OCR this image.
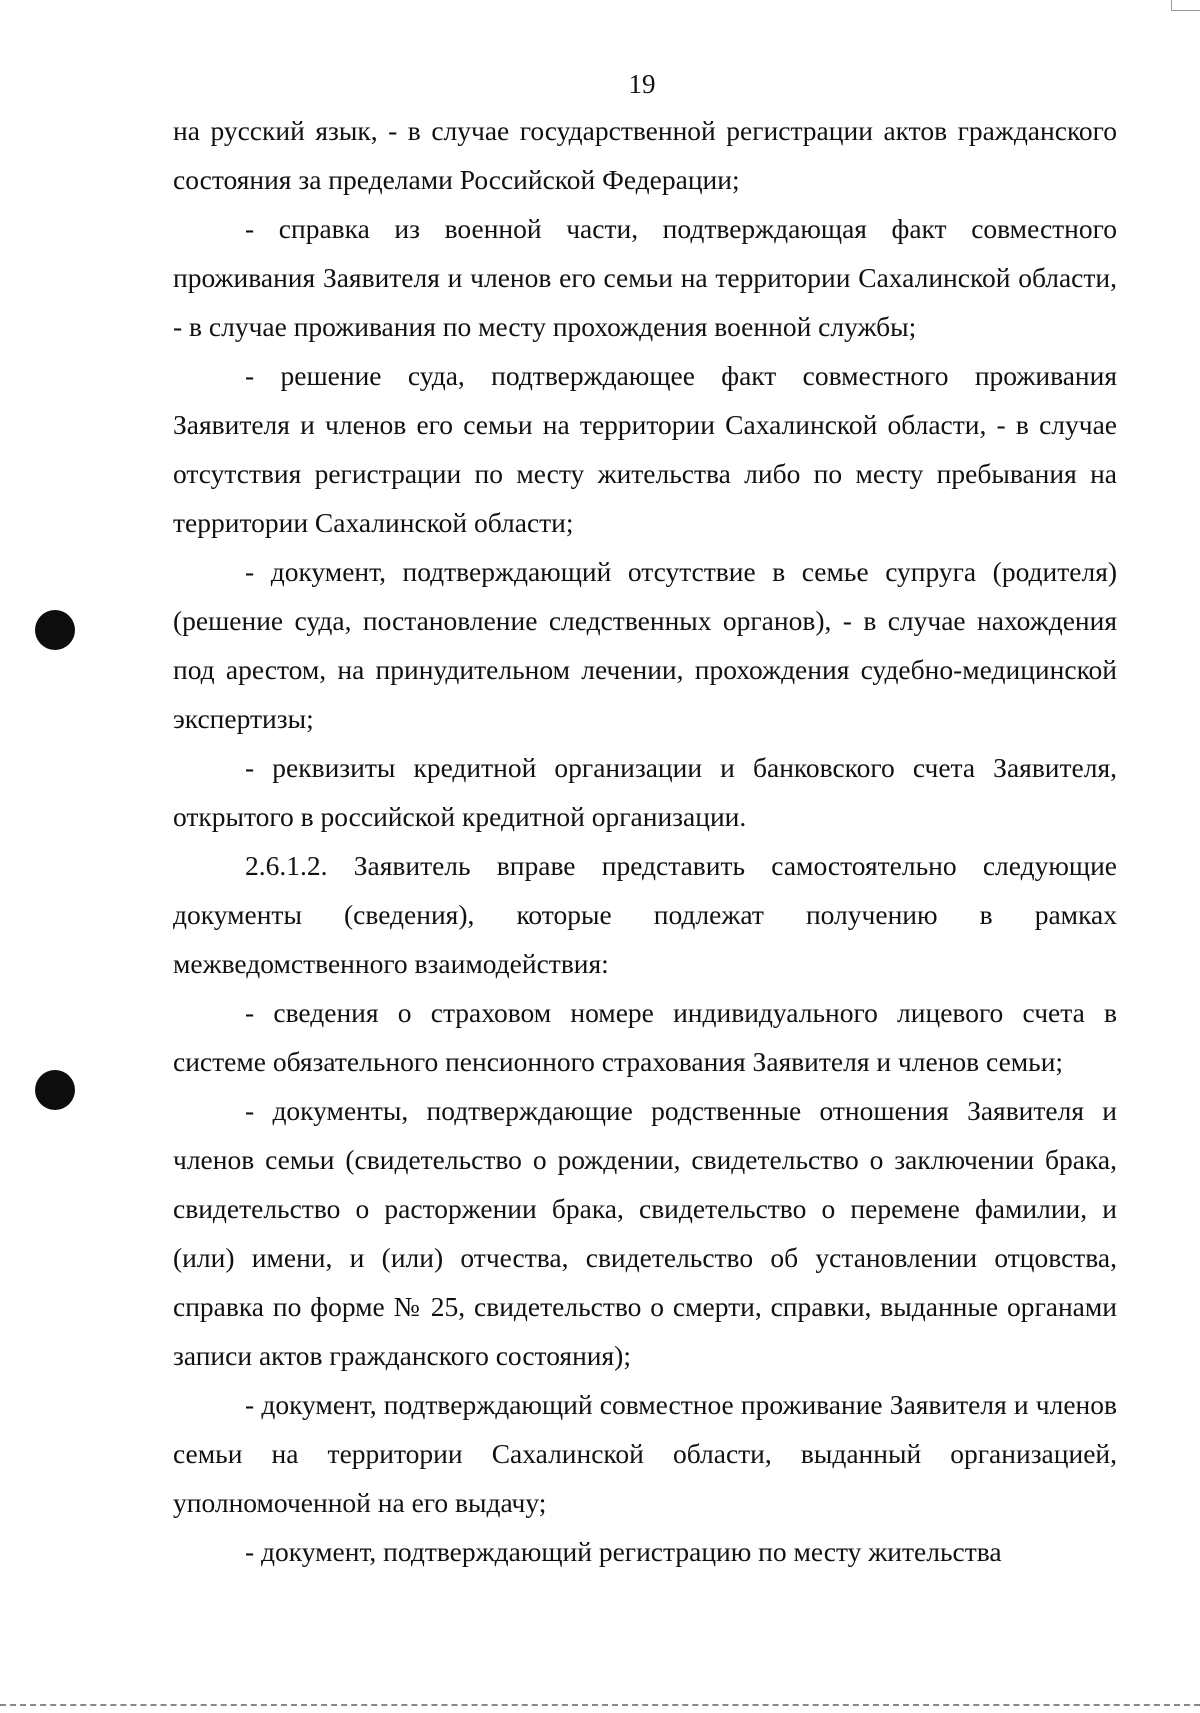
19

на русский язык, - в случае государственной регистрации актов гражданского состояния за пределами Российской Федерации;

- справка из военной части, подтверждающая факт совместного проживания Заявителя и членов его семьи на территории Сахалинской области, - в случае проживания по месту прохождения военной службы;

- решение суда, подтверждающее факт совместного проживания Заявителя и членов его семьи на территории Сахалинской области, - в случае отсутствия регистрации по месту жительства либо по месту пребывания на территории Сахалинской области;

- документ, подтверждающий отсутствие в семье супруга (родителя) (решение суда, постановление следственных органов), - в случае нахождения под арестом, на принудительном лечении, прохождения судебно-медицинской экспертизы;

- реквизиты кредитной организации и банковского счета Заявителя, открытого в российской кредитной организации.

2.6.1.2. Заявитель вправе представить самостоятельно следующие документы (сведения), которые подлежат получению в рамках межведомственного взаимодействия:

- сведения о страховом номере индивидуального лицевого счета в системе обязательного пенсионного страхования Заявителя и членов семьи;

- документы, подтверждающие родственные отношения Заявителя и членов семьи (свидетельство о рождении, свидетельство о заключении брака, свидетельство о расторжении брака, свидетельство о перемене фамилии, и (или) имени, и (или) отчества, свидетельство об установлении отцовства, справка по форме № 25, свидетельство о смерти, справки, выданные органами записи актов гражданского состояния);

- документ, подтверждающий совместное проживание Заявителя и членов семьи на территории Сахалинской области, выданный организацией, уполномоченной на его выдачу;

- документ, подтверждающий регистрацию по месту жительства
